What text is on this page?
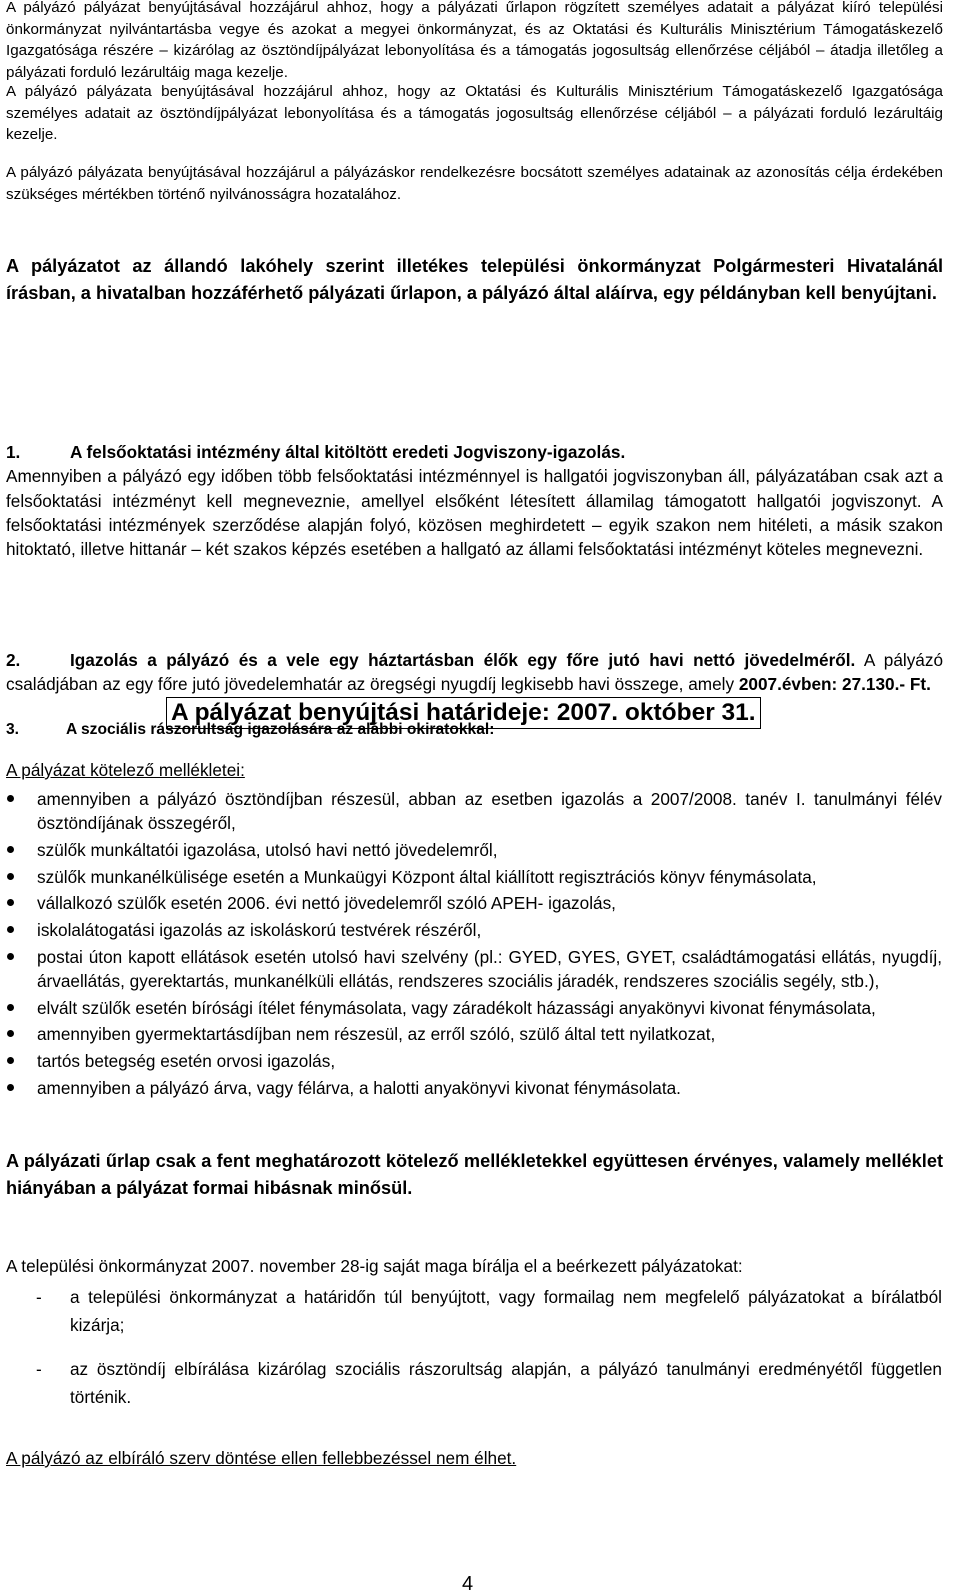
A pályázó pályázat benyújtásával hozzájárul ahhoz, hogy a pályázati űrlapon rögzített személyes adatait a pályázat kiíró települési önkormányzat nyilvántartásba vegye és azokat a megyei önkormányzat, és az Oktatási és Kulturális Minisztérium Támogatáskezelő Igazgatósága részére – kizárólag az ösztöndíjpályázat lebonyolítása és a támogatás jogosultság ellenőrzése céljából – átadja illetőleg a pályázati forduló lezárultáig maga kezelje.

A pályázó pályázata benyújtásával hozzájárul ahhoz, hogy az Oktatási és Kulturális Minisztérium Támogatáskezelő Igazgatósága személyes adatait az ösztöndíjpályázat lebonyolítása és a támogatás jogosultság ellenőrzése céljából – a pályázati forduló lezárultáig kezelje.

A pályázó pályázata benyújtásával hozzájárul a pályázáskor rendelkezésre bocsátott személyes adatainak az azonosítás célja érdekében szükséges mértékben történő nyilvánosságra hozatalához.

A pályázatot az állandó lakóhely szerint illetékes települési önkormányzat Polgármesteri Hivatalánál írásban, a hivatalban hozzáférhető pályázati űrlapon, a pályázó által aláírva, egy példányban kell benyújtani.

A pályázat benyújtási határideje: 2007. október 31.
A pályázat kötelező mellékletei:
1.	A felsőoktatási intézmény által kitöltött eredeti Jogviszony-igazolás.
Amennyiben a pályázó egy időben több felsőoktatási intézménnyel is hallgatói jogviszonyban áll, pályázatában csak azt a felsőoktatási intézményt kell megneveznie, amellyel elsőként létesített államilag támogatott hallgatói jogviszonyt. A felsőoktatási intézmények szerződése alapján folyó, közösen meghirdetett – egyik szakon nem hitéleti, a másik szakon hitoktató, illetve hittanár – két szakos képzés esetében a hallgató az állami felsőoktatási intézményt köteles megnevezni.
2.	Igazolás a pályázó és a vele egy háztartásban élők egy főre jutó havi nettó jövedelméről. A pályázó családjában az egy főre jutó jövedelemhatár az öregségi nyugdíj legkisebb havi összege, amely 2007.évben: 27.130.- Ft.
3.	A szociális rászorultság igazolására az alábbi okiratokkal:
amennyiben a pályázó ösztöndíjban részesül, abban az esetben igazolás a 2007/2008. tanév I. tanulmányi félév ösztöndíjának összegéről,
szülők munkáltatói igazolása, utolsó havi nettó jövedelemről,
szülők munkanélkülisége esetén a Munkaügyi Központ által kiállított regisztrációs könyv fénymásolata,
vállalkozó szülők esetén 2006. évi nettó jövedelemről szóló APEH- igazolás,
iskolalátogatási igazolás az iskoláskorú testvérek részéről,
postai úton kapott ellátások esetén utolsó havi szelvény (pl.: GYED, GYES, GYET, családtámogatási ellátás, nyugdíj, árvaellátás, gyerektartás, munkanélküli ellátás, rendszeres szociális járadék, rendszeres szociális segély, stb.),
elvált szülők esetén bírósági ítélet fénymásolata, vagy záradékolt házassági anyakönyvi kivonat fénymásolata,
amennyiben gyermektartásdíjban nem részesül, az erről szóló, szülő által tett nyilatkozat,
tartós betegség esetén orvosi igazolás,
amennyiben a pályázó árva, vagy félárva, a halotti anyakönyvi kivonat fénymásolata.

A pályázati űrlap csak a fent meghatározott kötelező mellékletekkel együttesen érvényes, valamely melléklet hiányában a pályázat formai hibásnak minősül.

A települési önkormányzat 2007. november 28-ig saját maga bírálja el a beérkezett pályázatokat:
- a települési önkormányzat a határidőn túl benyújtott, vagy formailag nem megfelelő pályázatokat a bírálatból kizárja;
- az ösztöndíj elbírálása kizárólag szociális rászorultság alapján, a pályázó tanulmányi eredményétől független történik.
A pályázó az elbíráló szerv döntése ellen fellebbezéssel nem élhet.
4
